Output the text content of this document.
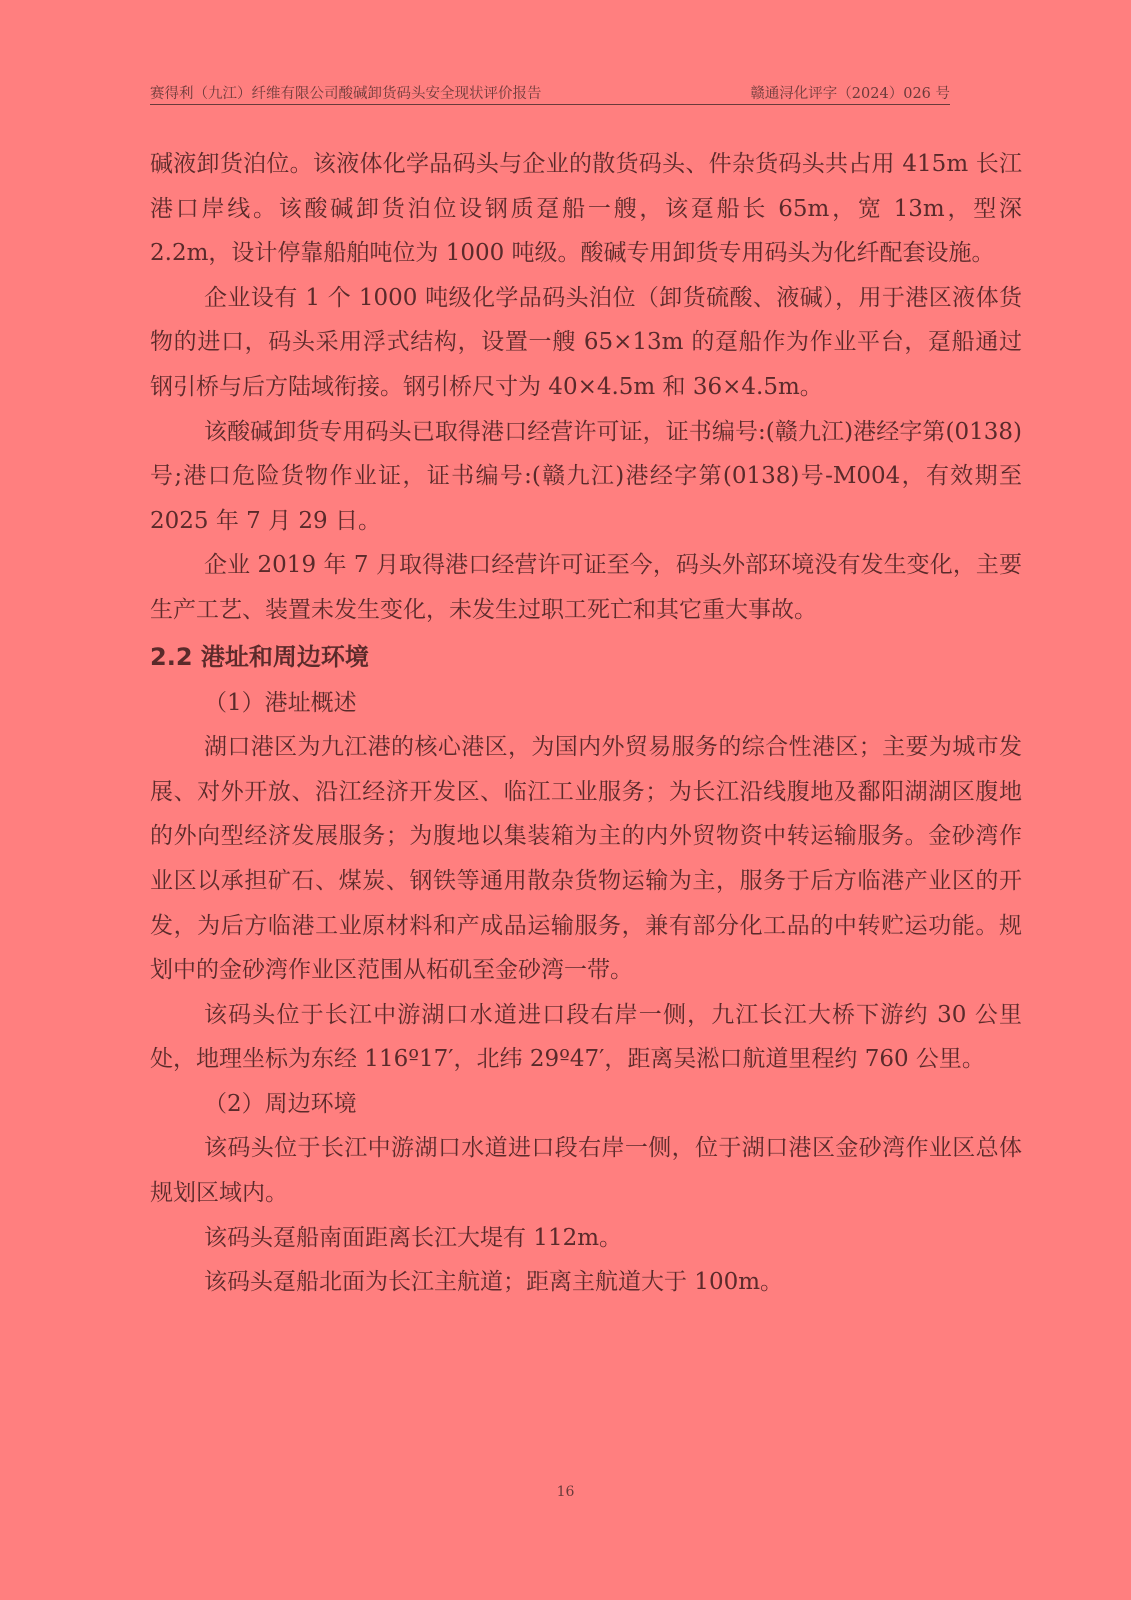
赛得利（九江）纤维有限公司酸碱卸货码头安全现状评价报告	赣通浔化评字（2024）026 号

碱液卸货泊位。该液体化学品码头与企业的散货码头、件杂货码头共占用 415m 长江港口岸线。该酸碱卸货泊位设钢质趸船一艘，该趸船长 65m，宽 13m，型深 2.2m，设计停靠船舶吨位为 1000 吨级。酸碱专用卸货专用码头为化纤配套设施。

企业设有 1 个 1000 吨级化学品码头泊位（卸货硫酸、液碱），用于港区液体货物的进口，码头采用浮式结构，设置一艘 65×13m 的趸船作为作业平台，趸船通过钢引桥与后方陆域衔接。钢引桥尺寸为 40×4.5m 和 36×4.5m。

该酸碱卸货专用码头已取得港口经营许可证，证书编号:(赣九江)港经字第(0138)号;港口危险货物作业证，证书编号:(赣九江)港经字第(0138)号-M004，有效期至 2025 年 7 月 29 日。

企业 2019 年 7 月取得港口经营许可证至今，码头外部环境没有发生变化，主要生产工艺、装置未发生变化，未发生过职工死亡和其它重大事故。

2.2 港址和周边环境

（1）港址概述

湖口港区为九江港的核心港区，为国内外贸易服务的综合性港区；主要为城市发展、对外开放、沿江经济开发区、临江工业服务；为长江沿线腹地及鄱阳湖湖区腹地的外向型经济发展服务；为腹地以集装箱为主的内外贸物资中转运输服务。金砂湾作业区以承担矿石、煤炭、钢铁等通用散杂货物运输为主，服务于后方临港产业区的开发，为后方临港工业原材料和产成品运输服务，兼有部分化工品的中转贮运功能。规划中的金砂湾作业区范围从柘矶至金砂湾一带。

该码头位于长江中游湖口水道进口段右岸一侧，九江长江大桥下游约 30 公里处，地理坐标为东经 116º17′，北纬 29º47′，距离吴淞口航道里程约 760 公里。

（2）周边环境

该码头位于长江中游湖口水道进口段右岸一侧，位于湖口港区金砂湾作业区总体规划区域内。

该码头趸船南面距离长江大堤有 112m。

该码头趸船北面为长江主航道；距离主航道大于 100m。

16
